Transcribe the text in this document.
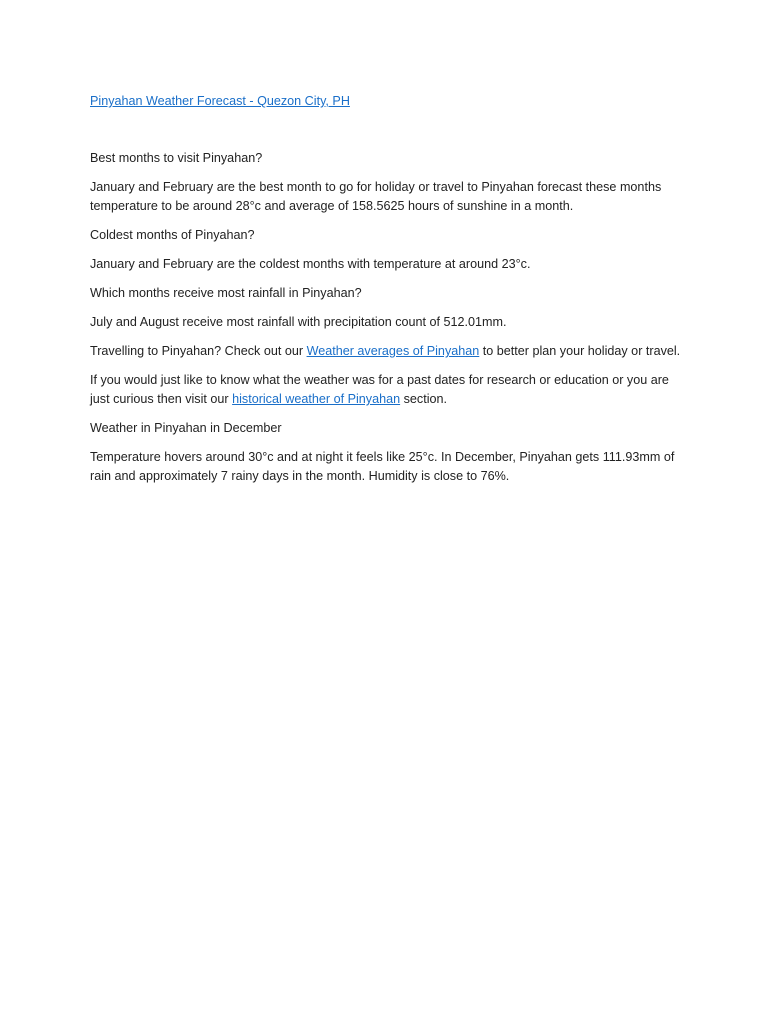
Pinyahan Weather Forecast - Quezon City, PH

Best months to visit Pinyahan?

January and February are the best month to go for holiday or travel to Pinyahan forecast these months temperature to be around 28°c and average of 158.5625 hours of sunshine in a month.

Coldest months of Pinyahan?

January and February are the coldest months with temperature at around 23°c.

Which months receive most rainfall in Pinyahan?

July and August receive most rainfall with precipitation count of 512.01mm.

Travelling to Pinyahan? Check out our Weather averages of Pinyahan to better plan your holiday or travel.

If you would just like to know what the weather was for a past dates for research or education or you are just curious then visit our historical weather of Pinyahan section.

Weather in Pinyahan in December

Temperature hovers around 30°c and at night it feels like 25°c. In December, Pinyahan gets 111.93mm of rain and approximately 7 rainy days in the month. Humidity is close to 76%.
